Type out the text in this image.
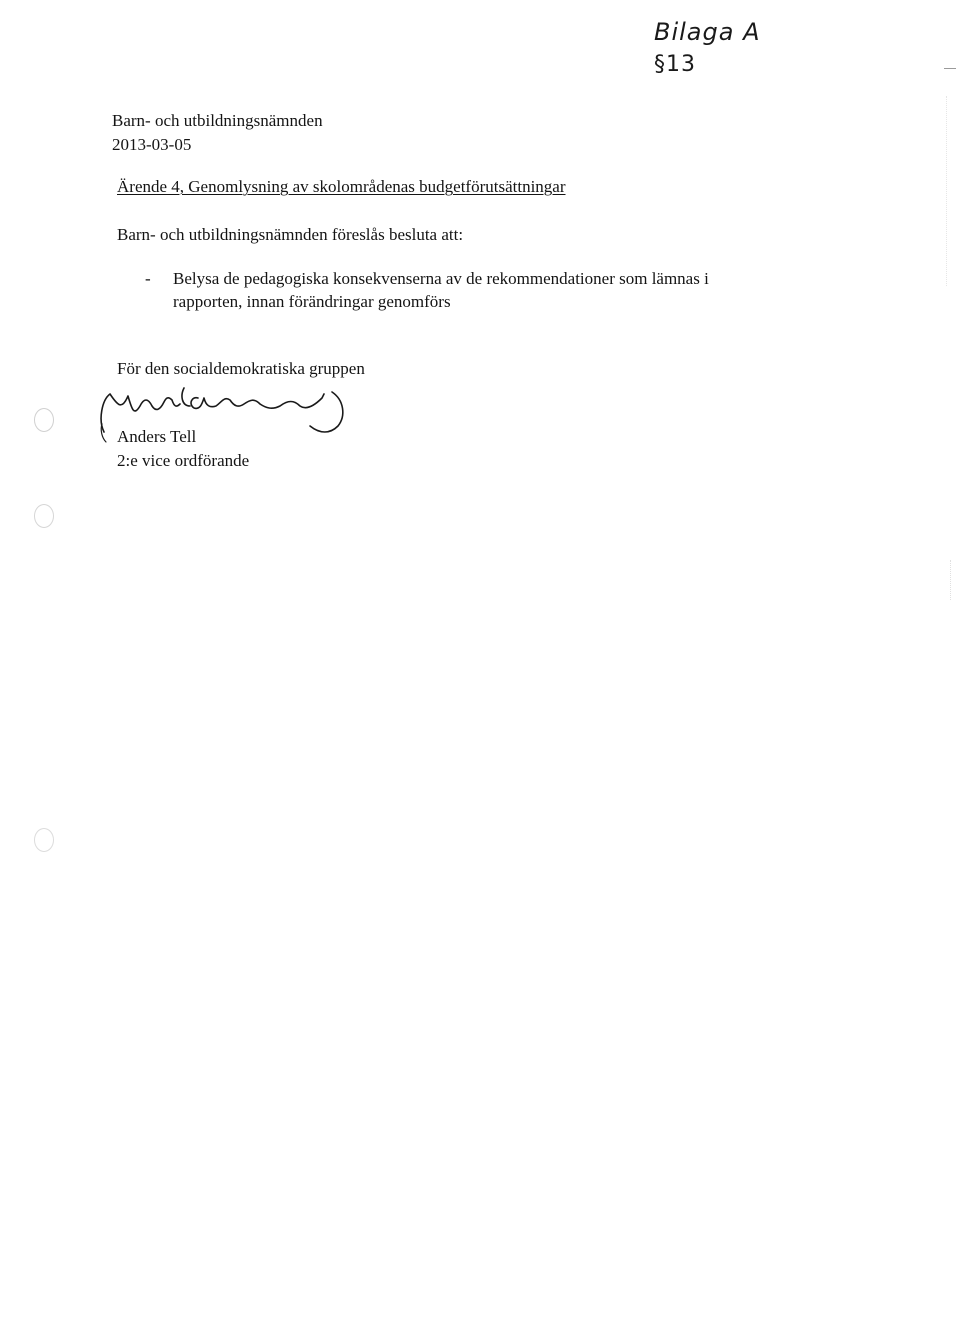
Bilaga A
§13
Barn- och utbildningsnämnden
2013-03-05
Ärende 4, Genomlysning av skolområdenas budgetförutsättningar
Barn- och utbildningsnämnden föreslås besluta att:
- Belysa de pedagogiska konsekvenserna av de rekommendationer som lämnas i
rapporten, innan förändringar genomförs
För den socialdemokratiska gruppen
Anders Tell
2:e vice ordförande
